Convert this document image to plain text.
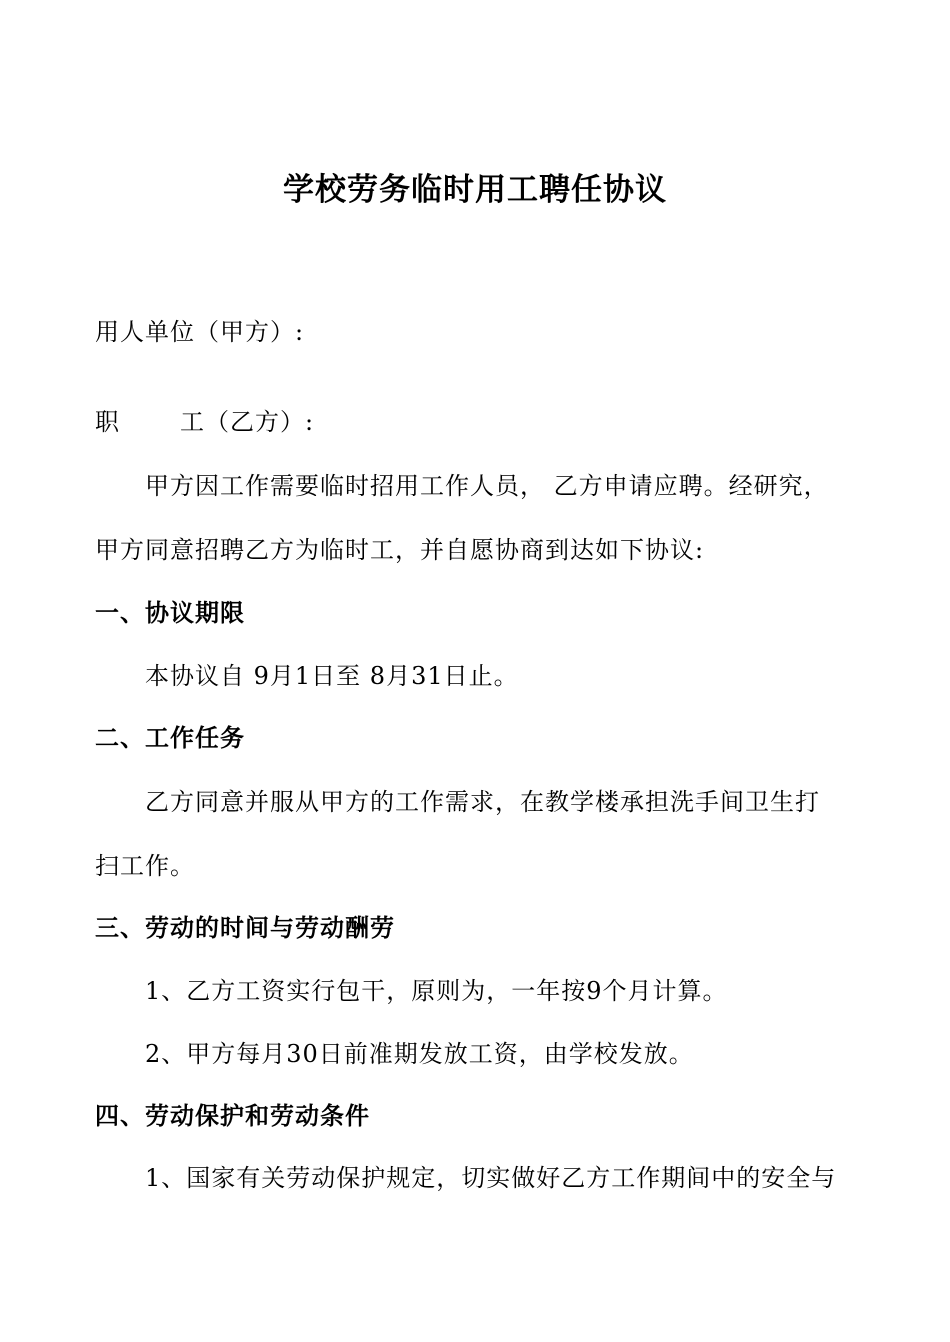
学校劳务临时用工聘任协议
用人单位（甲方）:
职	工（乙方）:
甲方因工作需要临时招用工作人员， 乙方申请应聘。经研究，
甲方同意招聘乙方为临时工，并自愿协商到达如下协议:
一、协议期限
本协议自 9月1日至 8月31日止。
二、工作任务
乙方同意并服从甲方的工作需求，在教学楼承担洗手间卫生打
扫工作。
三、劳动的时间与劳动酬劳
1、乙方工资实行包干，原则为，一年按9个月计算。
2、甲方每月30日前准期发放工资，由学校发放。
四、劳动保护和劳动条件
1、国家有关劳动保护规定，切实做好乙方工作期间中的安全与
